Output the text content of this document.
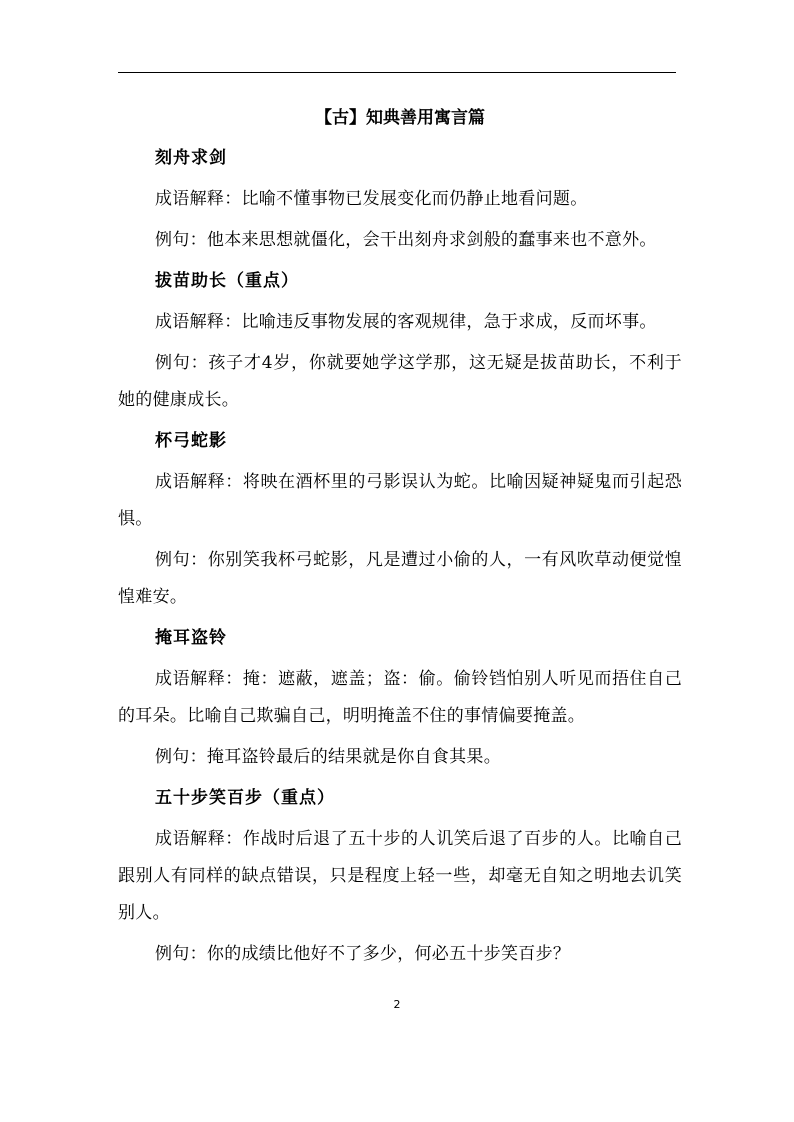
【古】知典善用寓言篇

刻舟求剑

成语解释：比喻不懂事物已发展变化而仍静止地看问题。

例句：他本来思想就僵化，会干出刻舟求剑般的蠢事来也不意外。

拔苗助长（重点）

成语解释：比喻违反事物发展的客观规律，急于求成，反而坏事。

例句：孩子才4岁，你就要她学这学那，这无疑是拔苗助长，不利于她的健康成长。

杯弓蛇影

成语解释：将映在酒杯里的弓影误认为蛇。比喻因疑神疑鬼而引起恐惧。

例句：你别笑我杯弓蛇影，凡是遭过小偷的人，一有风吹草动便觉惶惶难安。

掩耳盗铃

成语解释：掩：遮蔽，遮盖；盗：偷。偷铃铛怕别人听见而捂住自己的耳朵。比喻自己欺骗自己，明明掩盖不住的事情偏要掩盖。

例句：掩耳盗铃最后的结果就是你自食其果。

五十步笑百步（重点）

成语解释：作战时后退了五十步的人讥笑后退了百步的人。比喻自己跟别人有同样的缺点错误，只是程度上轻一些，却毫无自知之明地去讥笑别人。

例句：你的成绩比他好不了多少，何必五十步笑百步？

2
